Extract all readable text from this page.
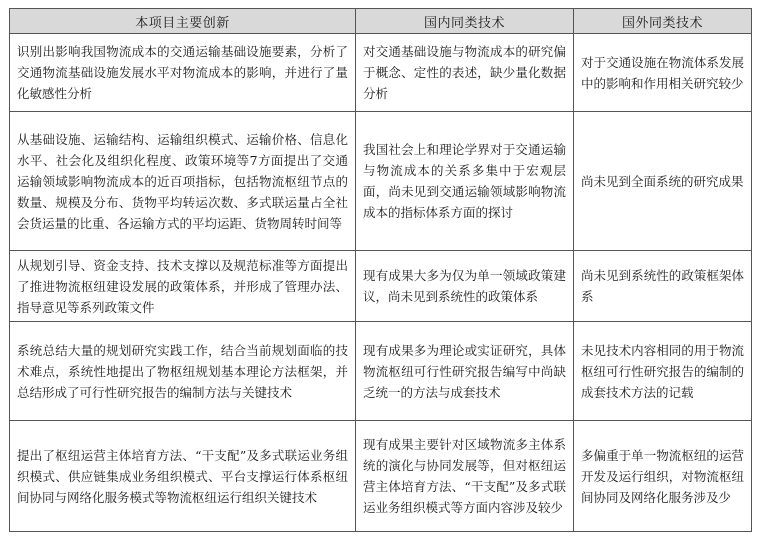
本项目主要创新	国内同类技术	国外同类技术
识别出影响我国物流成本的交通运输基础设施要素，分析了交通物流基础设施发展水平对物流成本的影响，并进行了量化敏感性分析	对交通基础设施与物流成本的研究偏于概念、定性的表述，缺少量化数据分析	对于交通设施在物流体系发展中的影响和作用相关研究较少
从基础设施、运输结构、运输组织模式、运输价格、信息化水平、社会化及组织化程度、政策环境等7方面提出了交通运输领域影响物流成本的近百项指标，包括物流枢纽节点的数量、规模及分布、货物平均转运次数、多式联运量占全社会货运量的比重、各运输方式的平均运距、货物周转时间等	我国社会上和理论学界对于交通运输与物流成本的关系多集中于宏观层面，尚未见到交通运输领域影响物流成本的指标体系方面的探讨	尚未见到全面系统的研究成果
从规划引导、资金支持、技术支撑以及规范标准等方面提出了推进物流枢纽建设发展的政策体系，并形成了管理办法、指导意见等系列政策文件	现有成果大多为仅为单一领域政策建议，尚未见到系统性的政策体系	尚未见到系统性的政策框架体系
系统总结大量的规划研究实践工作，结合当前规划面临的技术难点，系统性地提出了物枢纽规划基本理论方法框架，并总结形成了可行性研究报告的编制方法与关键技术	现有成果多为理论或实证研究，具体物流枢纽可行性研究报告编写中尚缺乏统一的方法与成套技术	未见技术内容相同的用于物流枢纽可行性研究报告的编制的成套技术方法的记载
提出了枢纽运营主体培育方法、“干支配”及多式联运业务组织模式、供应链集成业务组织模式、平台支撑运行体系枢纽间协同与网络化服务模式等物流枢纽运行组织关键技术	现有成果主要针对区域物流多主体系统的演化与协同发展等，但对枢纽运营主体培育方法、“干支配”及多式联运业务组织模式等方面内容涉及较少	多偏重于单一物流枢纽的运营开发及运行组织，对物流枢纽间协同及网络化服务涉及少
